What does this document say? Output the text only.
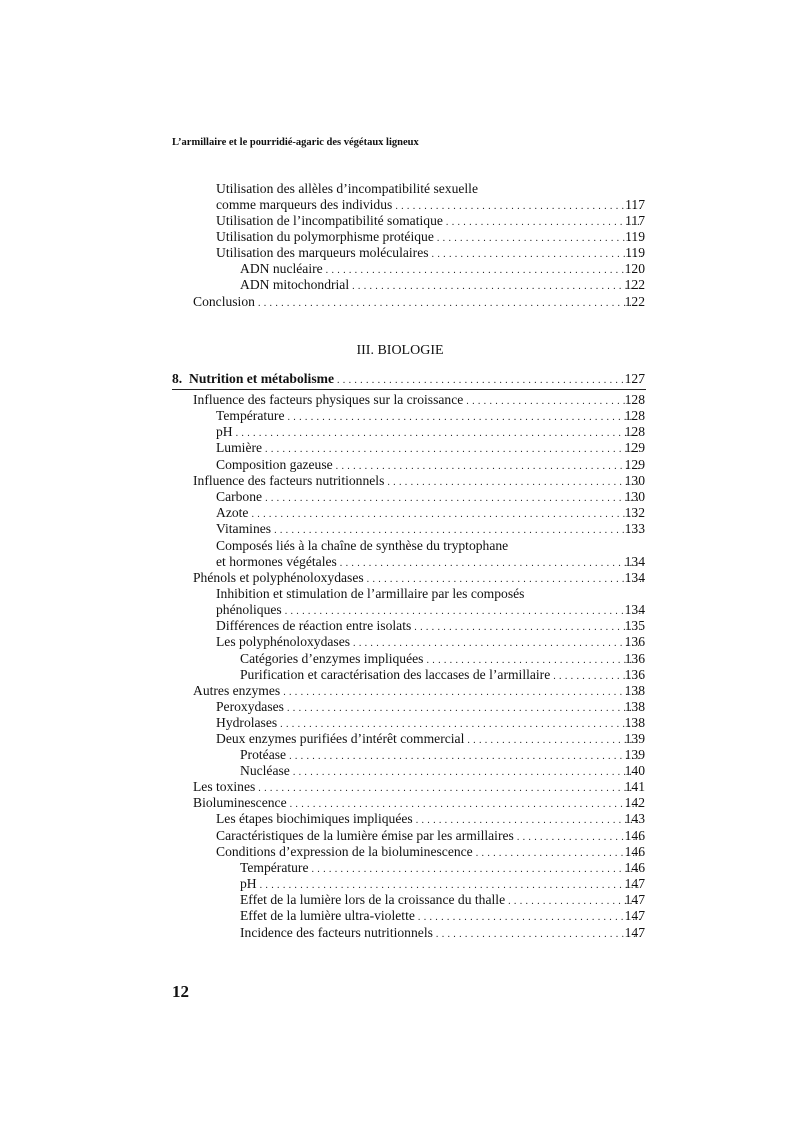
L’armillaire et le pourridié-agaric des végétaux ligneux
Utilisation des allèles d’incompatibilité sexuelle
comme marqueurs des individus . . .	117
Utilisation de l’incompatibilité somatique . . .	117
Utilisation du polymorphisme protéique . . .	119
Utilisation des marqueurs moléculaires . . .	119
ADN nucléaire . . .	120
ADN mitochondrial . . .	122
Conclusion . . .	122
III. BIOLOGIE
8. Nutrition et métabolisme . . .	127
Influence des facteurs physiques sur la croissance . . .	128
Température . . .	128
pH . . .	128
Lumière . . .	129
Composition gazeuse . . .	129
Influence des facteurs nutritionnels . . .	130
Carbone . . .	130
Azote . . .	132
Vitamines . . .	133
Composés liés à la chaîne de synthèse du tryptophane
et hormones végétales . . .	134
Phénols et polyphénoloxydases . . .	134
Inhibition et stimulation de l’armillaire par les composés
phénoliques . . .	134
Différences de réaction entre isolats . . .	135
Les polyphénoloxydases . . .	136
Catégories d’enzymes impliquées . . .	136
Purification et caractérisation des laccases de l’armillaire . . .	136
Autres enzymes . . .	138
Peroxydases . . .	138
Hydrolases . . .	138
Deux enzymes purifiées d’intérêt commercial . . .	139
Protéase . . .	139
Nucléase . . .	140
Les toxines . . .	141
Bioluminescence . . .	142
Les étapes biochimiques impliquées . . .	143
Caractéristiques de la lumière émise par les armillaires . . .	146
Conditions d’expression de la bioluminescence . . .	146
Température . . .	146
pH . . .	147
Effet de la lumière lors de la croissance du thalle . . .	147
Effet de la lumière ultra-violette . . .	147
Incidence des facteurs nutritionnels . . .	147
12
